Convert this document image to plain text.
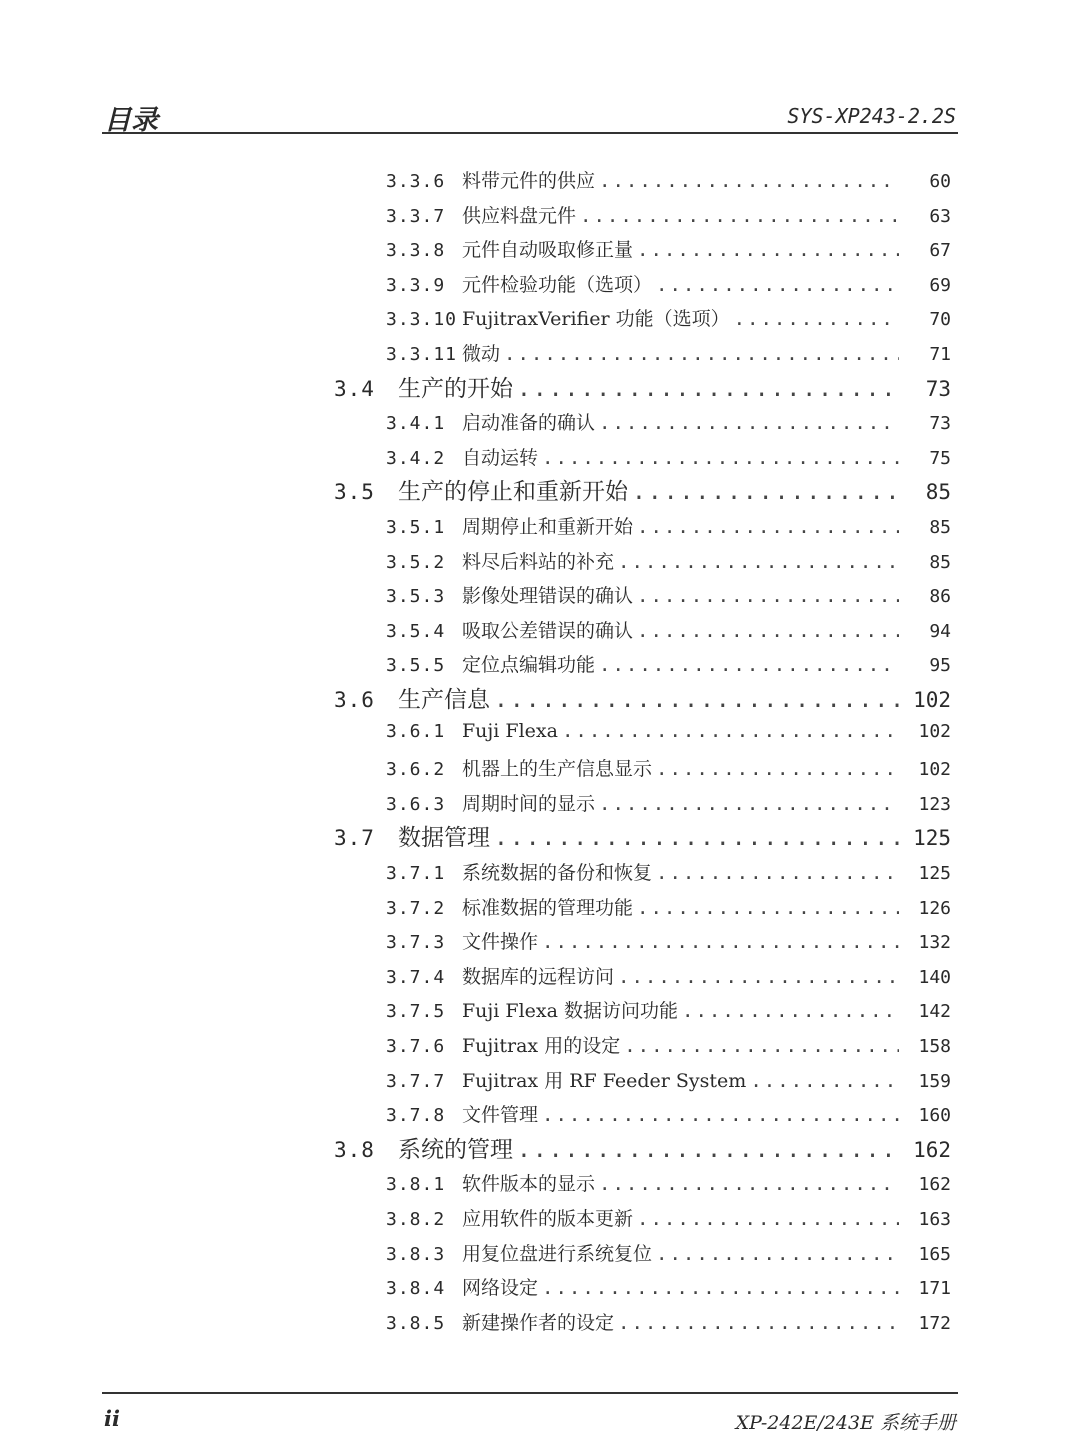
目录	SYS-XP243-2.2S
3.3.6 料带元件的供应 .....	60
3.3.7 供应料盘元件 .....	63
3.3.8 元件自动吸取修正量 .....	67
3.3.9 元件检验功能（选项） .....	69
3.3.10 FujitraxVerifier 功能（选项） .....	70
3.3.11 微动 .....	71
3.4	生产的开始 .....	73
3.4.1 启动准备的确认 .....	73
3.4.2 自动运转 .....	75
3.5	生产的停止和重新开始 .....	85
3.5.1 周期停止和重新开始 .....	85
3.5.2 料尽后料站的补充 .....	85
3.5.3 影像处理错误的确认 .....	86
3.5.4 吸取公差错误的确认 .....	94
3.5.5 定位点编辑功能 .....	95
3.6	生产信息 .....	102
3.6.1 Fuji Flexa .....	102
3.6.2 机器上的生产信息显示 .....	102
3.6.3 周期时间的显示 .....	123
3.7	数据管理 .....	125
3.7.1 系统数据的备份和恢复 .....	125
3.7.2 标准数据的管理功能 .....	126
3.7.3 文件操作 .....	132
3.7.4 数据库的远程访问 .....	140
3.7.5 Fuji Flexa 数据访问功能 .....	142
3.7.6 Fujitrax 用的设定 .....	158
3.7.7 Fujitrax 用 RF Feeder System .....	159
3.7.8 文件管理 .....	160
3.8	系统的管理 .....	162
3.8.1 软件版本的显示 .....	162
3.8.2 应用软件的版本更新 .....	163
3.8.3 用复位盘进行系统复位 .....	165
3.8.4 网络设定 .....	171
3.8.5 新建操作者的设定 .....	172
ii	XP-242E/243E 系统手册
